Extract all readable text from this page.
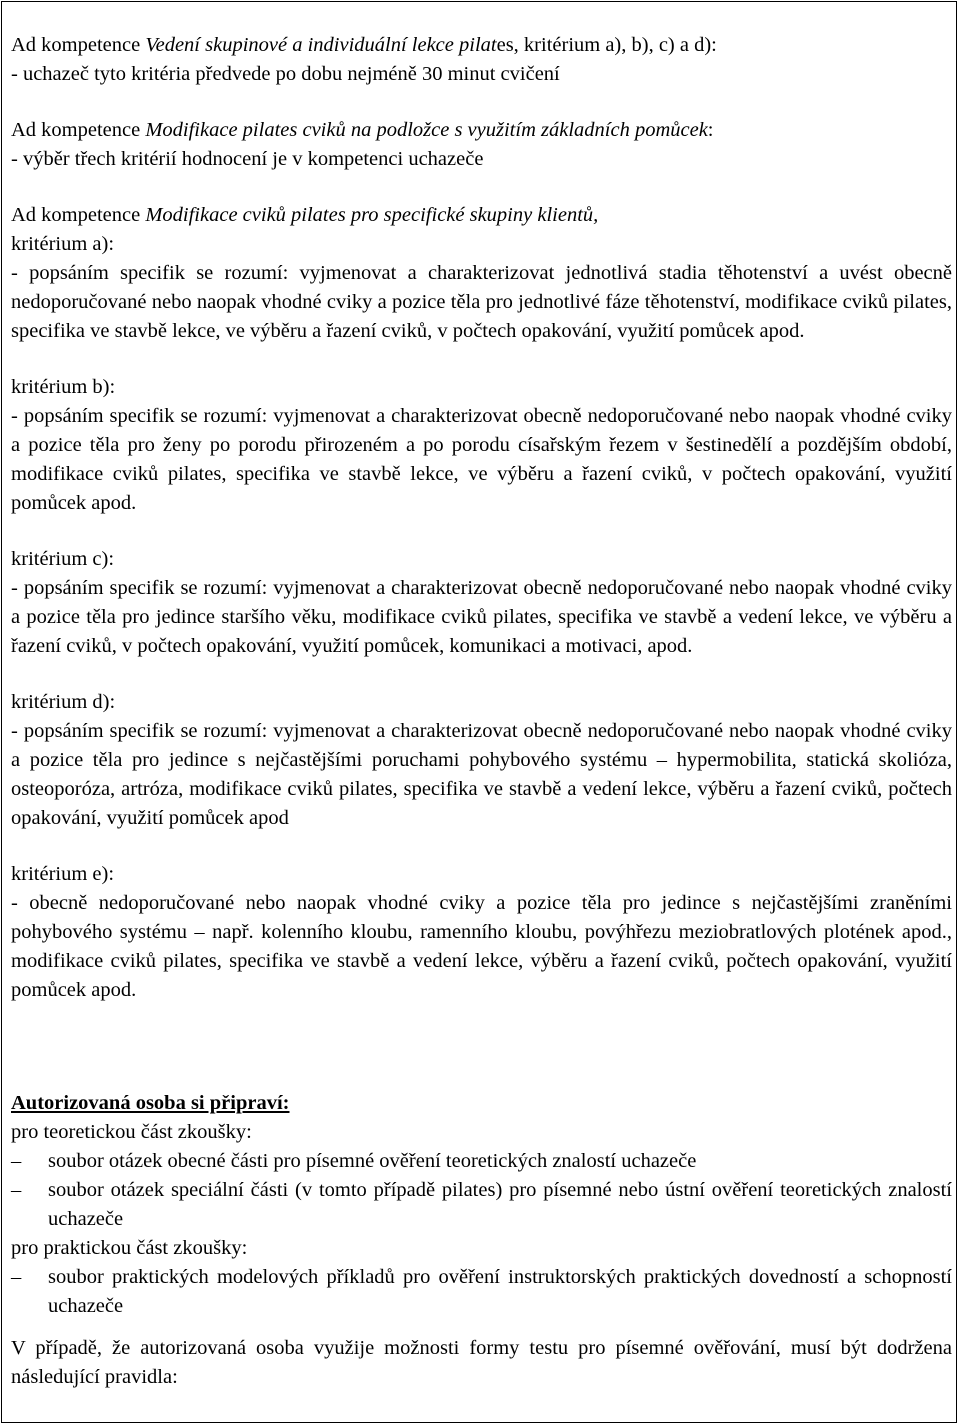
Ad kompetence Vedení skupinové a individuální lekce pilates, kritérium a), b), c) a d):

- uchazeč tyto kritéria předvede po dobu nejméně 30 minut cvičení

Ad kompetence Modifikace pilates cviků na podložce s využitím základních pomůcek:

- výběr třech kritérií hodnocení je v kompetenci uchazeče

Ad kompetence Modifikace cviků pilates pro specifické skupiny klientů,

kritérium a):

- popsáním specifik se rozumí: vyjmenovat a charakterizovat jednotlivá stadia těhotenství a uvést obecně nedoporučované nebo naopak vhodné cviky a pozice těla pro jednotlivé fáze těhotenství, modifikace cviků pilates, specifika ve stavbě lekce, ve výběru a řazení cviků, v počtech opakování, využití pomůcek apod.

kritérium b):

- popsáním specifik se rozumí: vyjmenovat a charakterizovat obecně nedoporučované nebo naopak vhodné cviky a pozice těla pro ženy po porodu přirozeném a po porodu císařským řezem v šestinedělí a pozdějším období, modifikace cviků pilates, specifika ve stavbě lekce, ve výběru a řazení cviků, v počtech opakování, využití pomůcek apod.

kritérium c):

- popsáním specifik se rozumí: vyjmenovat a charakterizovat obecně nedoporučované nebo naopak vhodné cviky a pozice těla pro jedince staršího věku, modifikace cviků pilates, specifika ve stavbě a vedení lekce, ve výběru a řazení cviků, v počtech opakování, využití pomůcek, komunikaci a motivaci, apod.

kritérium d):

- popsáním specifik se rozumí: vyjmenovat a charakterizovat obecně nedoporučované nebo naopak vhodné cviky a pozice těla pro jedince s nejčastějšími poruchami pohybového systému – hypermobilita, statická skolióza, osteoporóza, artróza, modifikace cviků pilates, specifika ve stavbě a vedení lekce, výběru a řazení cviků, počtech opakování, využití pomůcek apod

kritérium e):

- obecně nedoporučované nebo naopak vhodné cviky a pozice těla pro jedince s nejčastějšími zraněními pohybového systému – např. kolenního kloubu, ramenního kloubu, povýhřezu meziobratlových plotének apod., modifikace cviků pilates, specifika ve stavbě a vedení lekce, výběru a řazení cviků, počtech opakování, využití pomůcek apod.

Autorizovaná osoba si připraví:

pro teoretickou část zkoušky:

– soubor otázek obecné části pro písemné ověření teoretických znalostí uchazeče

– soubor otázek speciální části (v tomto případě pilates) pro písemné nebo ústní ověření teoretických znalostí uchazeče

pro praktickou část zkoušky:

– soubor praktických modelových příkladů pro ověření instruktorských praktických dovedností a schopností uchazeče

V případě, že autorizovaná osoba využije možnosti formy testu pro písemné ověřování, musí být dodržena následující pravidla:
